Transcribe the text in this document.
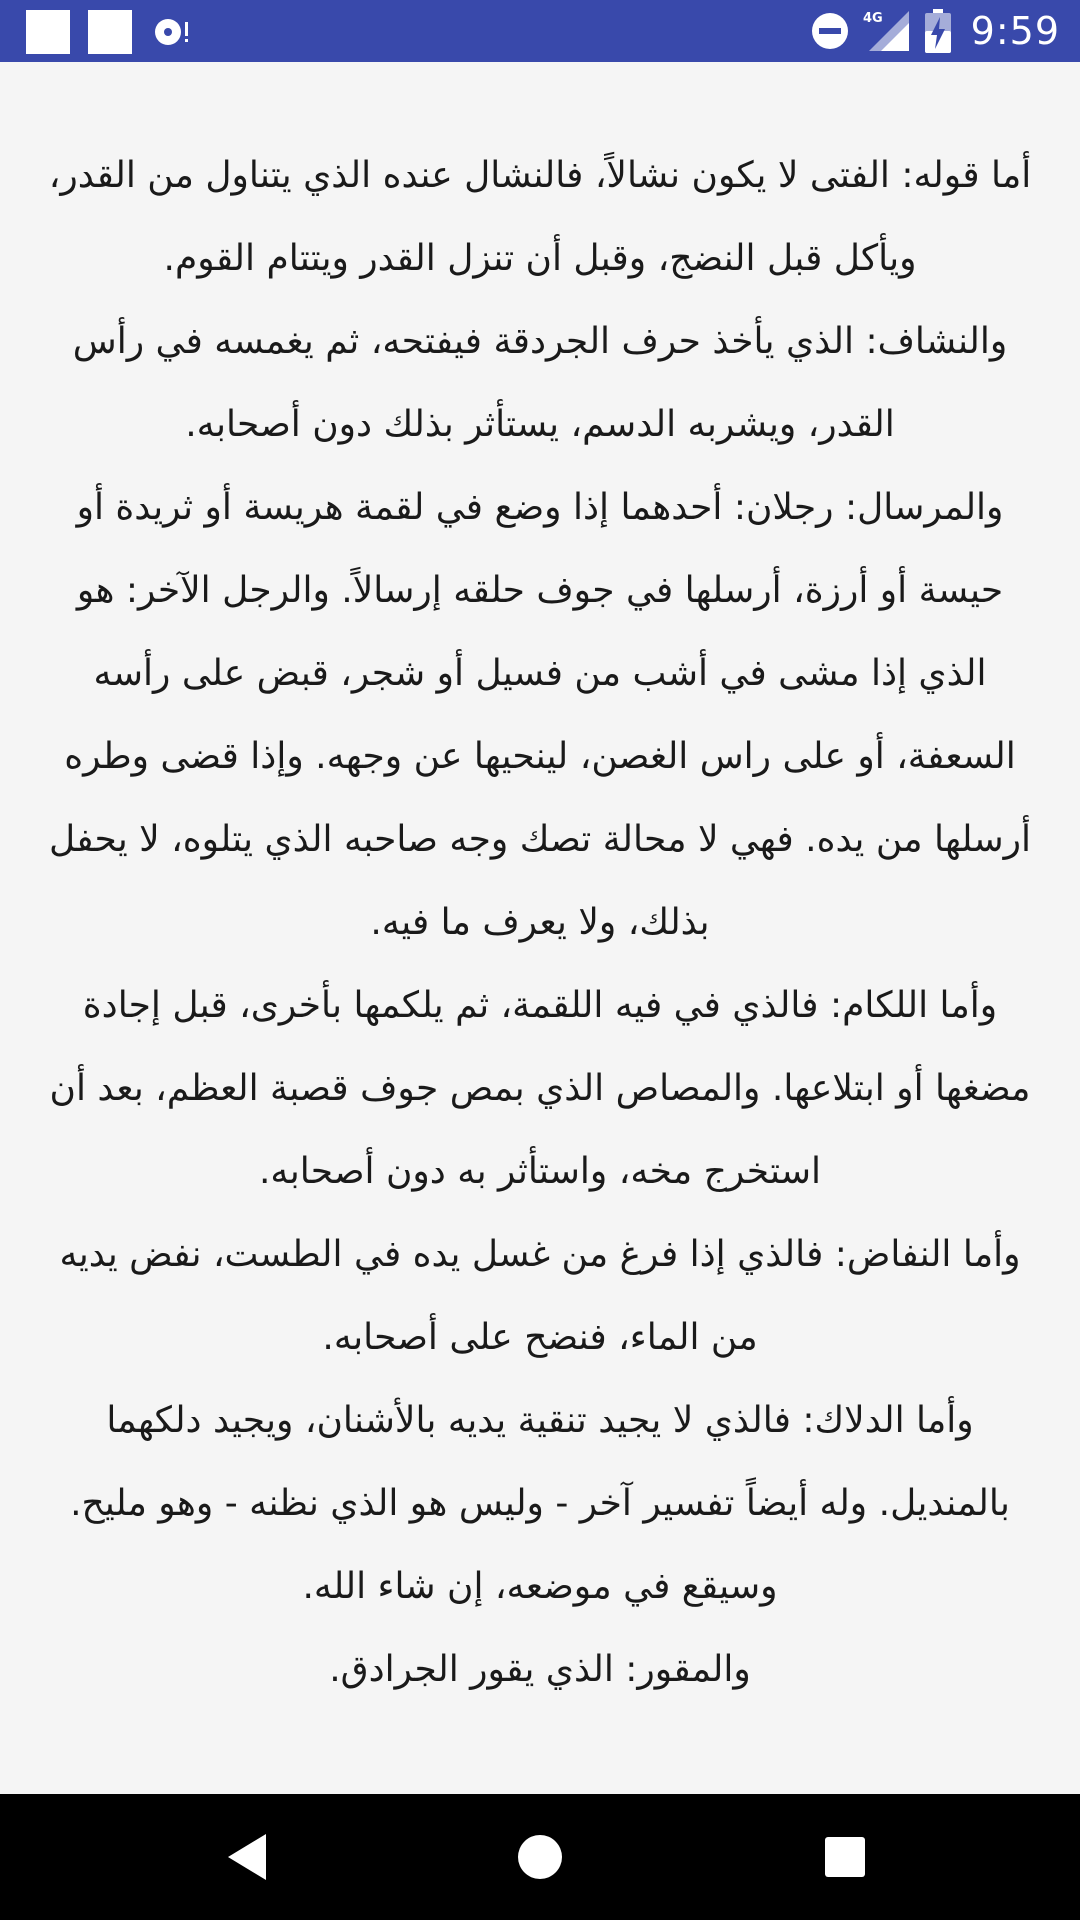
4G 9:59

أما قوله: الفتى لا يكون نشالاً، فالنشال عنده الذي يتناول من القدر، ويأكل قبل النضج، وقبل أن تنزل القدر ويتتام القوم.

والنشاف: الذي يأخذ حرف الجردقة فيفتحه، ثم يغمسه في رأس القدر، ويشربه الدسم، يستأثر بذلك دون أصحابه.

والمرسال: رجلان: أحدهما إذا وضع في لقمة هريسة أو ثريدة أو حيسة أو أرزة، أرسلها في جوف حلقه إرسالاً. والرجل الآخر: هو الذي إذا مشى في أشب من فسيل أو شجر، قبض على رأسه السعفة، أو على راس الغصن، لينحيها عن وجهه. وإذا قضى وطره أرسلها من يده. فهي لا محالة تصك وجه صاحبه الذي يتلوه، لا يحفل بذلك، ولا يعرف ما فيه.

وأما اللكام: فالذي في فيه اللقمة، ثم يلكمها بأخرى، قبل إجادة مضغها أو ابتلاعها. والمصاص الذي بمص جوف قصبة العظم، بعد أن استخرج مخه، واستأثر به دون أصحابه.

وأما النفاض: فالذي إذا فرغ من غسل يده في الطست، نفض يديه من الماء، فنضح على أصحابه.

وأما الدلاك: فالذي لا يجيد تنقية يديه بالأشنان، ويجيد دلكهما بالمنديل. وله أيضاً تفسير آخر - وليس هو الذي نظنه - وهو مليح. وسيقع في موضعه، إن شاء الله.

والمقور: الذي يقور الجرادق.
